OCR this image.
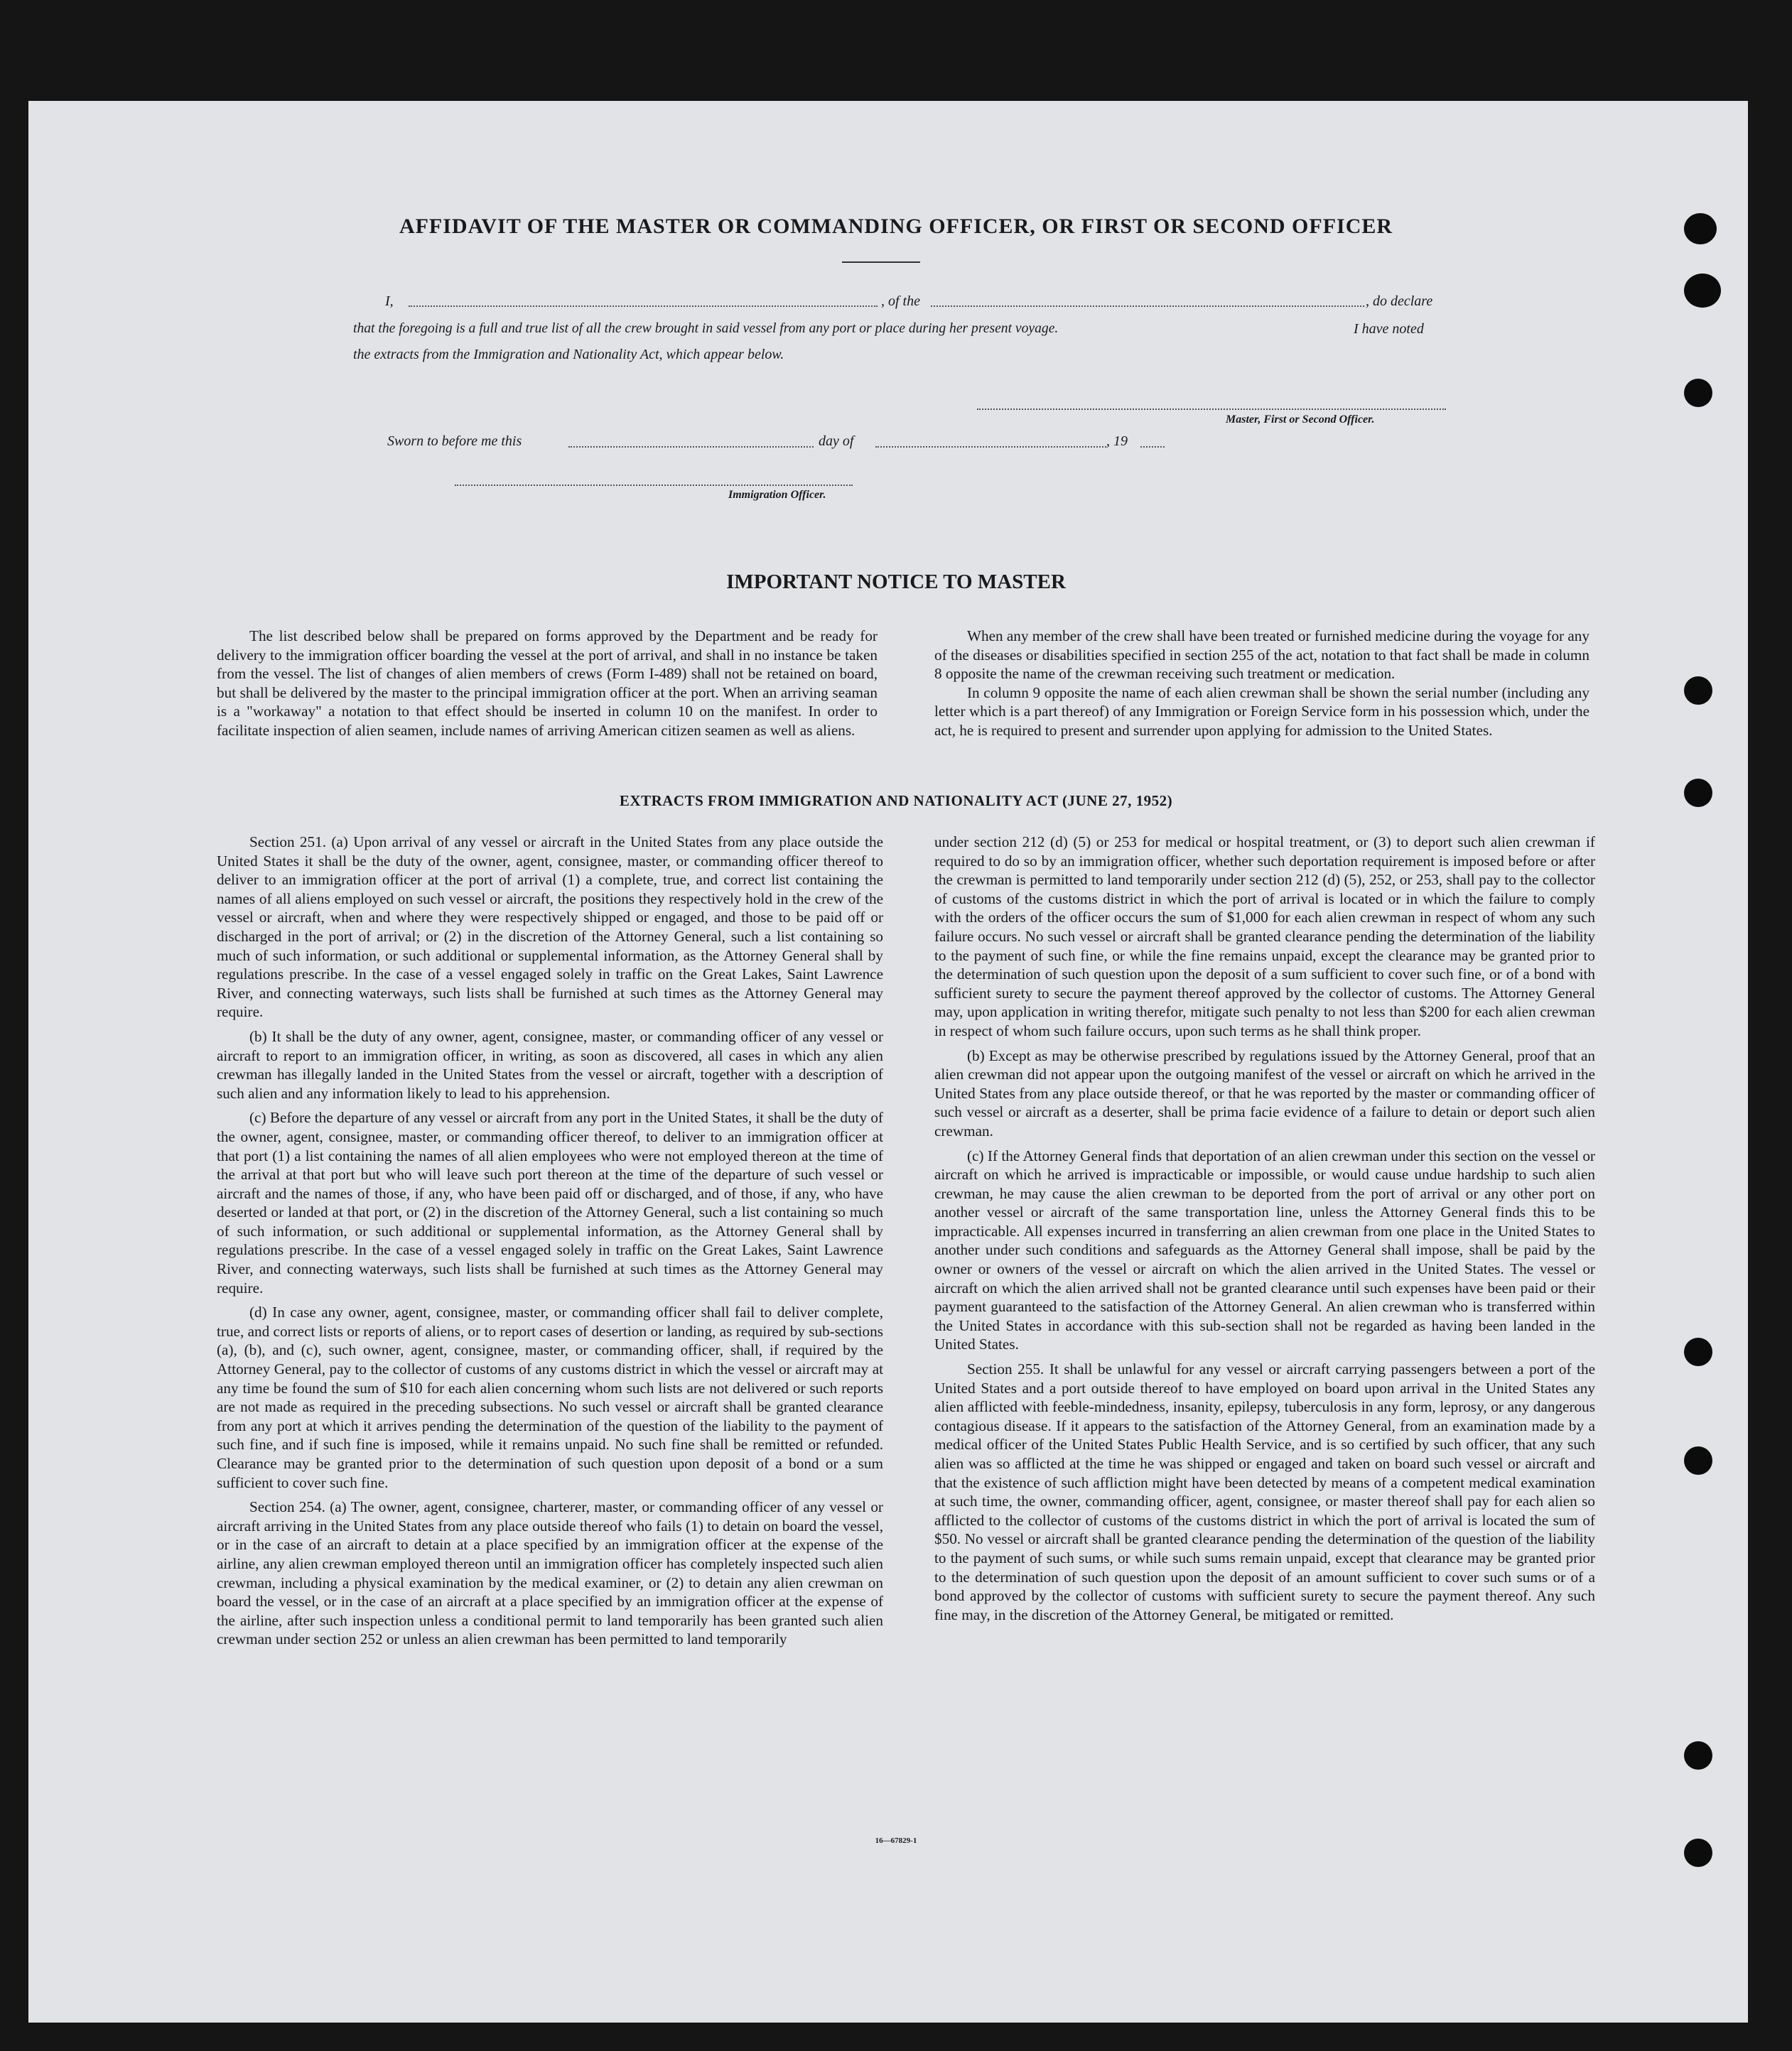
AFFIDAVIT OF THE MASTER OR COMMANDING OFFICER, OR FIRST OR SECOND OFFICER
I,	, of the	, do declare
that the foregoing is a full and true list of all the crew brought in said vessel from any port or place during her present voyage.	I have noted
the extracts from the Immigration and Nationality Act, which appear below.
Master, First or Second Officer.
Sworn to before me this	day of	, 19
Immigration Officer.
IMPORTANT NOTICE TO MASTER

The list described below shall be prepared on forms approved by the Department and be ready for delivery to the immigration officer boarding the vessel at the port of arrival, and shall in no instance be taken from the vessel. The list of changes of alien members of crews (Form I-489) shall not be retained on board, but shall be delivered by the master to the principal immigration officer at the port. When an arriving seaman is a "workaway" a notation to that effect should be inserted in column 10 on the manifest. In order to facilitate inspection of alien seamen, include names of arriving American citizen seamen as well as aliens.

When any member of the crew shall have been treated or furnished medicine during the voyage for any of the diseases or disabilities specified in section 255 of the act, notation to that fact shall be made in column 8 opposite the name of the crewman receiving such treatment or medication.

In column 9 opposite the name of each alien crewman shall be shown the serial number (including any letter which is a part thereof) of any Immigration or Foreign Service form in his possession which, under the act, he is required to present and surrender upon applying for admission to the United States.

EXTRACTS FROM IMMIGRATION AND NATIONALITY ACT (JUNE 27, 1952)

Section 251. (a) Upon arrival of any vessel or aircraft in the United States from any place outside the United States it shall be the duty of the owner, agent, consignee, master, or commanding officer thereof to deliver to an immigration officer at the port of arrival (1) a complete, true, and correct list containing the names of all aliens employed on such vessel or aircraft, the positions they respectively hold in the crew of the vessel or aircraft, when and where they were respectively shipped or engaged, and those to be paid off or discharged in the port of arrival; or (2) in the discretion of the Attorney General, such a list containing so much of such information, or such additional or supplemental information, as the Attorney General shall by regulations prescribe. In the case of a vessel engaged solely in traffic on the Great Lakes, Saint Lawrence River, and connecting waterways, such lists shall be furnished at such times as the Attorney General may require.

(b) It shall be the duty of any owner, agent, consignee, master, or commanding officer of any vessel or aircraft to report to an immigration officer, in writing, as soon as discovered, all cases in which any alien crewman has illegally landed in the United States from the vessel or aircraft, together with a description of such alien and any information likely to lead to his apprehension.

(c) Before the departure of any vessel or aircraft from any port in the United States, it shall be the duty of the owner, agent, consignee, master, or commanding officer thereof, to deliver to an immigration officer at that port (1) a list containing the names of all alien employees who were not employed thereon at the time of the arrival at that port but who will leave such port thereon at the time of the departure of such vessel or aircraft and the names of those, if any, who have been paid off or discharged, and of those, if any, who have deserted or landed at that port, or (2) in the discretion of the Attorney General, such a list containing so much of such information, or such additional or supplemental information, as the Attorney General shall by regulations prescribe. In the case of a vessel engaged solely in traffic on the Great Lakes, Saint Lawrence River, and connecting waterways, such lists shall be furnished at such times as the Attorney General may require.

(d) In case any owner, agent, consignee, master, or commanding officer shall fail to deliver complete, true, and correct lists or reports of aliens, or to report cases of desertion or landing, as required by sub-sections (a), (b), and (c), such owner, agent, consignee, master, or commanding officer, shall, if required by the Attorney General, pay to the collector of customs of any customs district in which the vessel or aircraft may at any time be found the sum of $10 for each alien concerning whom such lists are not delivered or such reports are not made as required in the preceding subsections. No such vessel or aircraft shall be granted clearance from any port at which it arrives pending the determination of the question of the liability to the payment of such fine, and if such fine is imposed, while it remains unpaid. No such fine shall be remitted or refunded. Clearance may be granted prior to the determination of such question upon deposit of a bond or a sum sufficient to cover such fine.

Section 254. (a) The owner, agent, consignee, charterer, master, or commanding officer of any vessel or aircraft arriving in the United States from any place outside thereof who fails (1) to detain on board the vessel, or in the case of an aircraft to detain at a place specified by an immigration officer at the expense of the airline, any alien crewman employed thereon until an immigration officer has completely inspected such alien crewman, including a physical examination by the medical examiner, or (2) to detain any alien crewman on board the vessel, or in the case of an aircraft at a place specified by an immigration officer at the expense of the airline, after such inspection unless a conditional permit to land temporarily has been granted such alien crewman under section 252 or unless an alien crewman has been permitted to land temporarily

under section 212 (d) (5) or 253 for medical or hospital treatment, or (3) to deport such alien crewman if required to do so by an immigration officer, whether such deportation requirement is imposed before or after the crewman is permitted to land temporarily under section 212 (d) (5), 252, or 253, shall pay to the collector of customs of the customs district in which the port of arrival is located or in which the failure to comply with the orders of the officer occurs the sum of $1,000 for each alien crewman in respect of whom any such failure occurs. No such vessel or aircraft shall be granted clearance pending the determination of the liability to the payment of such fine, or while the fine remains unpaid, except the clearance may be granted prior to the determination of such question upon the deposit of a sum sufficient to cover such fine, or of a bond with sufficient surety to secure the payment thereof approved by the collector of customs. The Attorney General may, upon application in writing therefor, mitigate such penalty to not less than $200 for each alien crewman in respect of whom such failure occurs, upon such terms as he shall think proper.

(b) Except as may be otherwise prescribed by regulations issued by the Attorney General, proof that an alien crewman did not appear upon the outgoing manifest of the vessel or aircraft on which he arrived in the United States from any place outside thereof, or that he was reported by the master or commanding officer of such vessel or aircraft as a deserter, shall be prima facie evidence of a failure to detain or deport such alien crewman.

(c) If the Attorney General finds that deportation of an alien crewman under this section on the vessel or aircraft on which he arrived is impracticable or impossible, or would cause undue hardship to such alien crewman, he may cause the alien crewman to be deported from the port of arrival or any other port on another vessel or aircraft of the same transportation line, unless the Attorney General finds this to be impracticable. All expenses incurred in transferring an alien crewman from one place in the United States to another under such conditions and safeguards as the Attorney General shall impose, shall be paid by the owner or owners of the vessel or aircraft on which the alien arrived in the United States. The vessel or aircraft on which the alien arrived shall not be granted clearance until such expenses have been paid or their payment guaranteed to the satisfaction of the Attorney General. An alien crewman who is transferred within the United States in accordance with this sub-section shall not be regarded as having been landed in the United States.

Section 255. It shall be unlawful for any vessel or aircraft carrying passengers between a port of the United States and a port outside thereof to have employed on board upon arrival in the United States any alien afflicted with feeble-mindedness, insanity, epilepsy, tuberculosis in any form, leprosy, or any dangerous contagious disease. If it appears to the satisfaction of the Attorney General, from an examination made by a medical officer of the United States Public Health Service, and is so certified by such officer, that any such alien was so afflicted at the time he was shipped or engaged and taken on board such vessel or aircraft and that the existence of such affliction might have been detected by means of a competent medical examination at such time, the owner, commanding officer, agent, consignee, or master thereof shall pay for each alien so afflicted to the collector of customs of the customs district in which the port of arrival is located the sum of $50. No vessel or aircraft shall be granted clearance pending the determination of the question of the liability to the payment of such sums, or while such sums remain unpaid, except that clearance may be granted prior to the determination of such question upon the deposit of an amount sufficient to cover such sums or of a bond approved by the collector of customs with sufficient surety to secure the payment thereof. Any such fine may, in the discretion of the Attorney General, be mitigated or remitted.

16—67829-1
